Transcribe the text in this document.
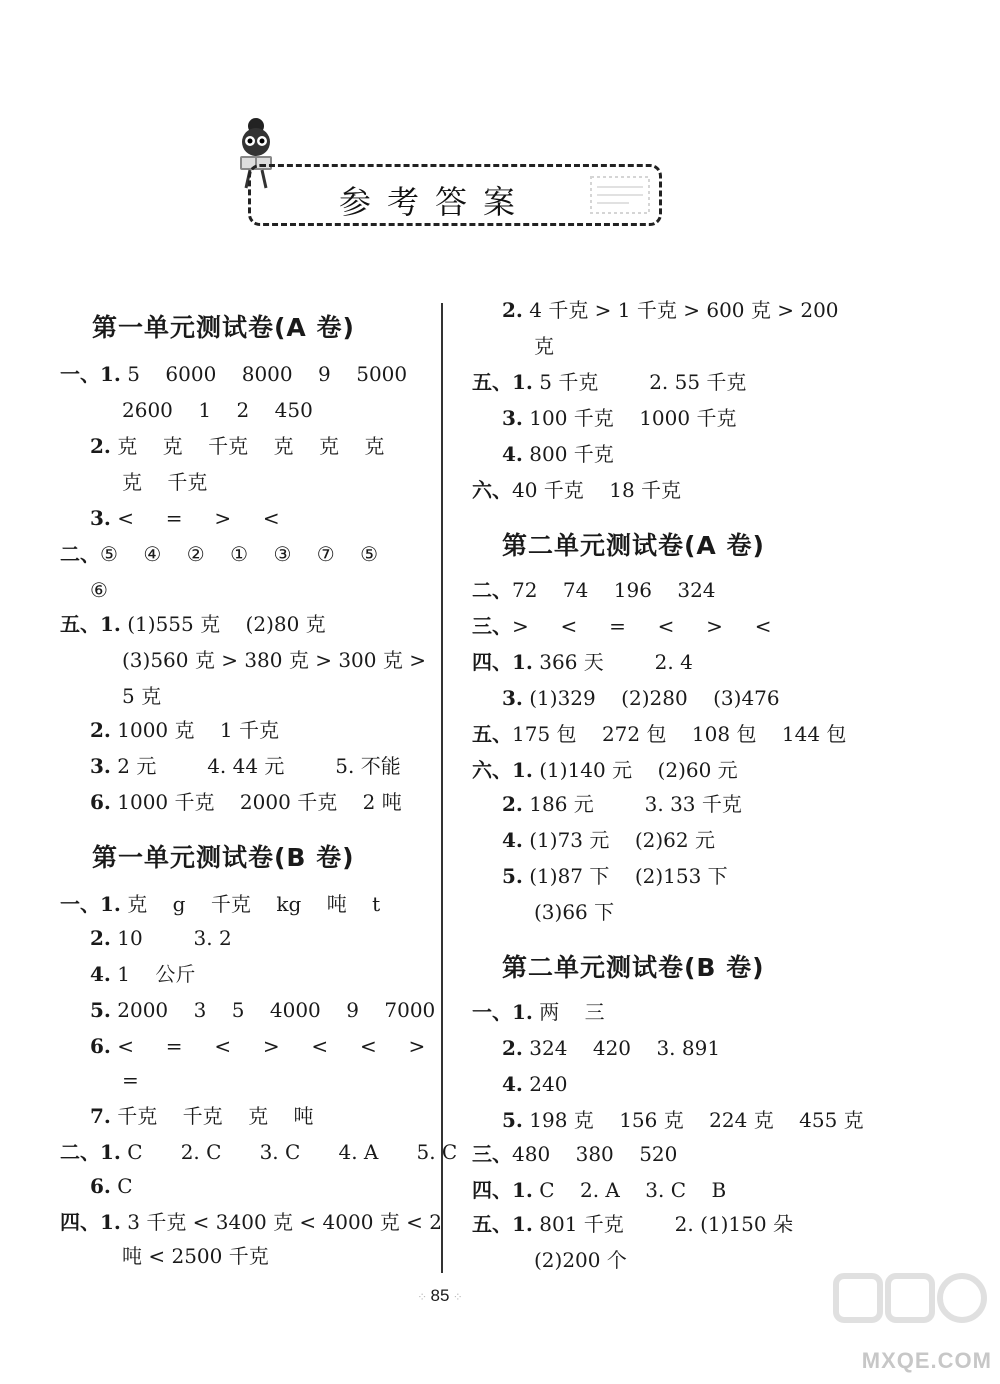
参考答案
第一单元测试卷(A 卷)
一、1. 5    6000    8000    9    5000
2600    1    2    450
2. 克    克    千克    克    克    克
克    千克
3. <     =     >     <
二、⑤    ④    ②    ①    ③    ⑦    ⑤
⑥
五、1. (1)555 克    (2)80 克
(3)560 克 > 380 克 > 300 克 >
5 克
2. 1000 克    1 千克
3. 2 元        4. 44 元        5. 不能
6. 1000 千克    2000 千克    2 吨
第一单元测试卷(B 卷)
一、1. 克    g    千克    kg    吨    t
2. 10        3. 2
4. 1    公斤
5. 2000    3    5    4000    9    7000
6. <     =     <     >     <     <     >
=
7. 千克    千克    克    吨
二、1. C      2. C      3. C      4. A      5. C
6. C
四、1. 3 千克 < 3400 克 < 4000 克 < 2
吨 < 2500 千克
2. 4 千克 > 1 千克 > 600 克 > 200
克
五、1. 5 千克        2. 55 千克
3. 100 千克    1000 千克
4. 800 千克
六、40 千克    18 千克
第二单元测试卷(A 卷)
二、72    74    196    324
三、>     <     =     <     >     <
四、1. 366 天        2. 4
3. (1)329    (2)280    (3)476
五、175 包    272 包    108 包    144 包
六、1. (1)140 元    (2)60 元
2. 186 元        3. 33 千克
4. (1)73 元    (2)62 元
5. (1)87 下    (2)153 下
(3)66 下
第二单元测试卷(B 卷)
一、1. 两    三
2. 324    420    3. 891
4. 240
5. 198 克    156 克    224 克    455 克
三、480    380    520
四、1. C    2. A    3. C    B
五、1. 801 千克        2. (1)150 朵
(2)200 个
⁘ 85 ⁘
MXQE.COM
